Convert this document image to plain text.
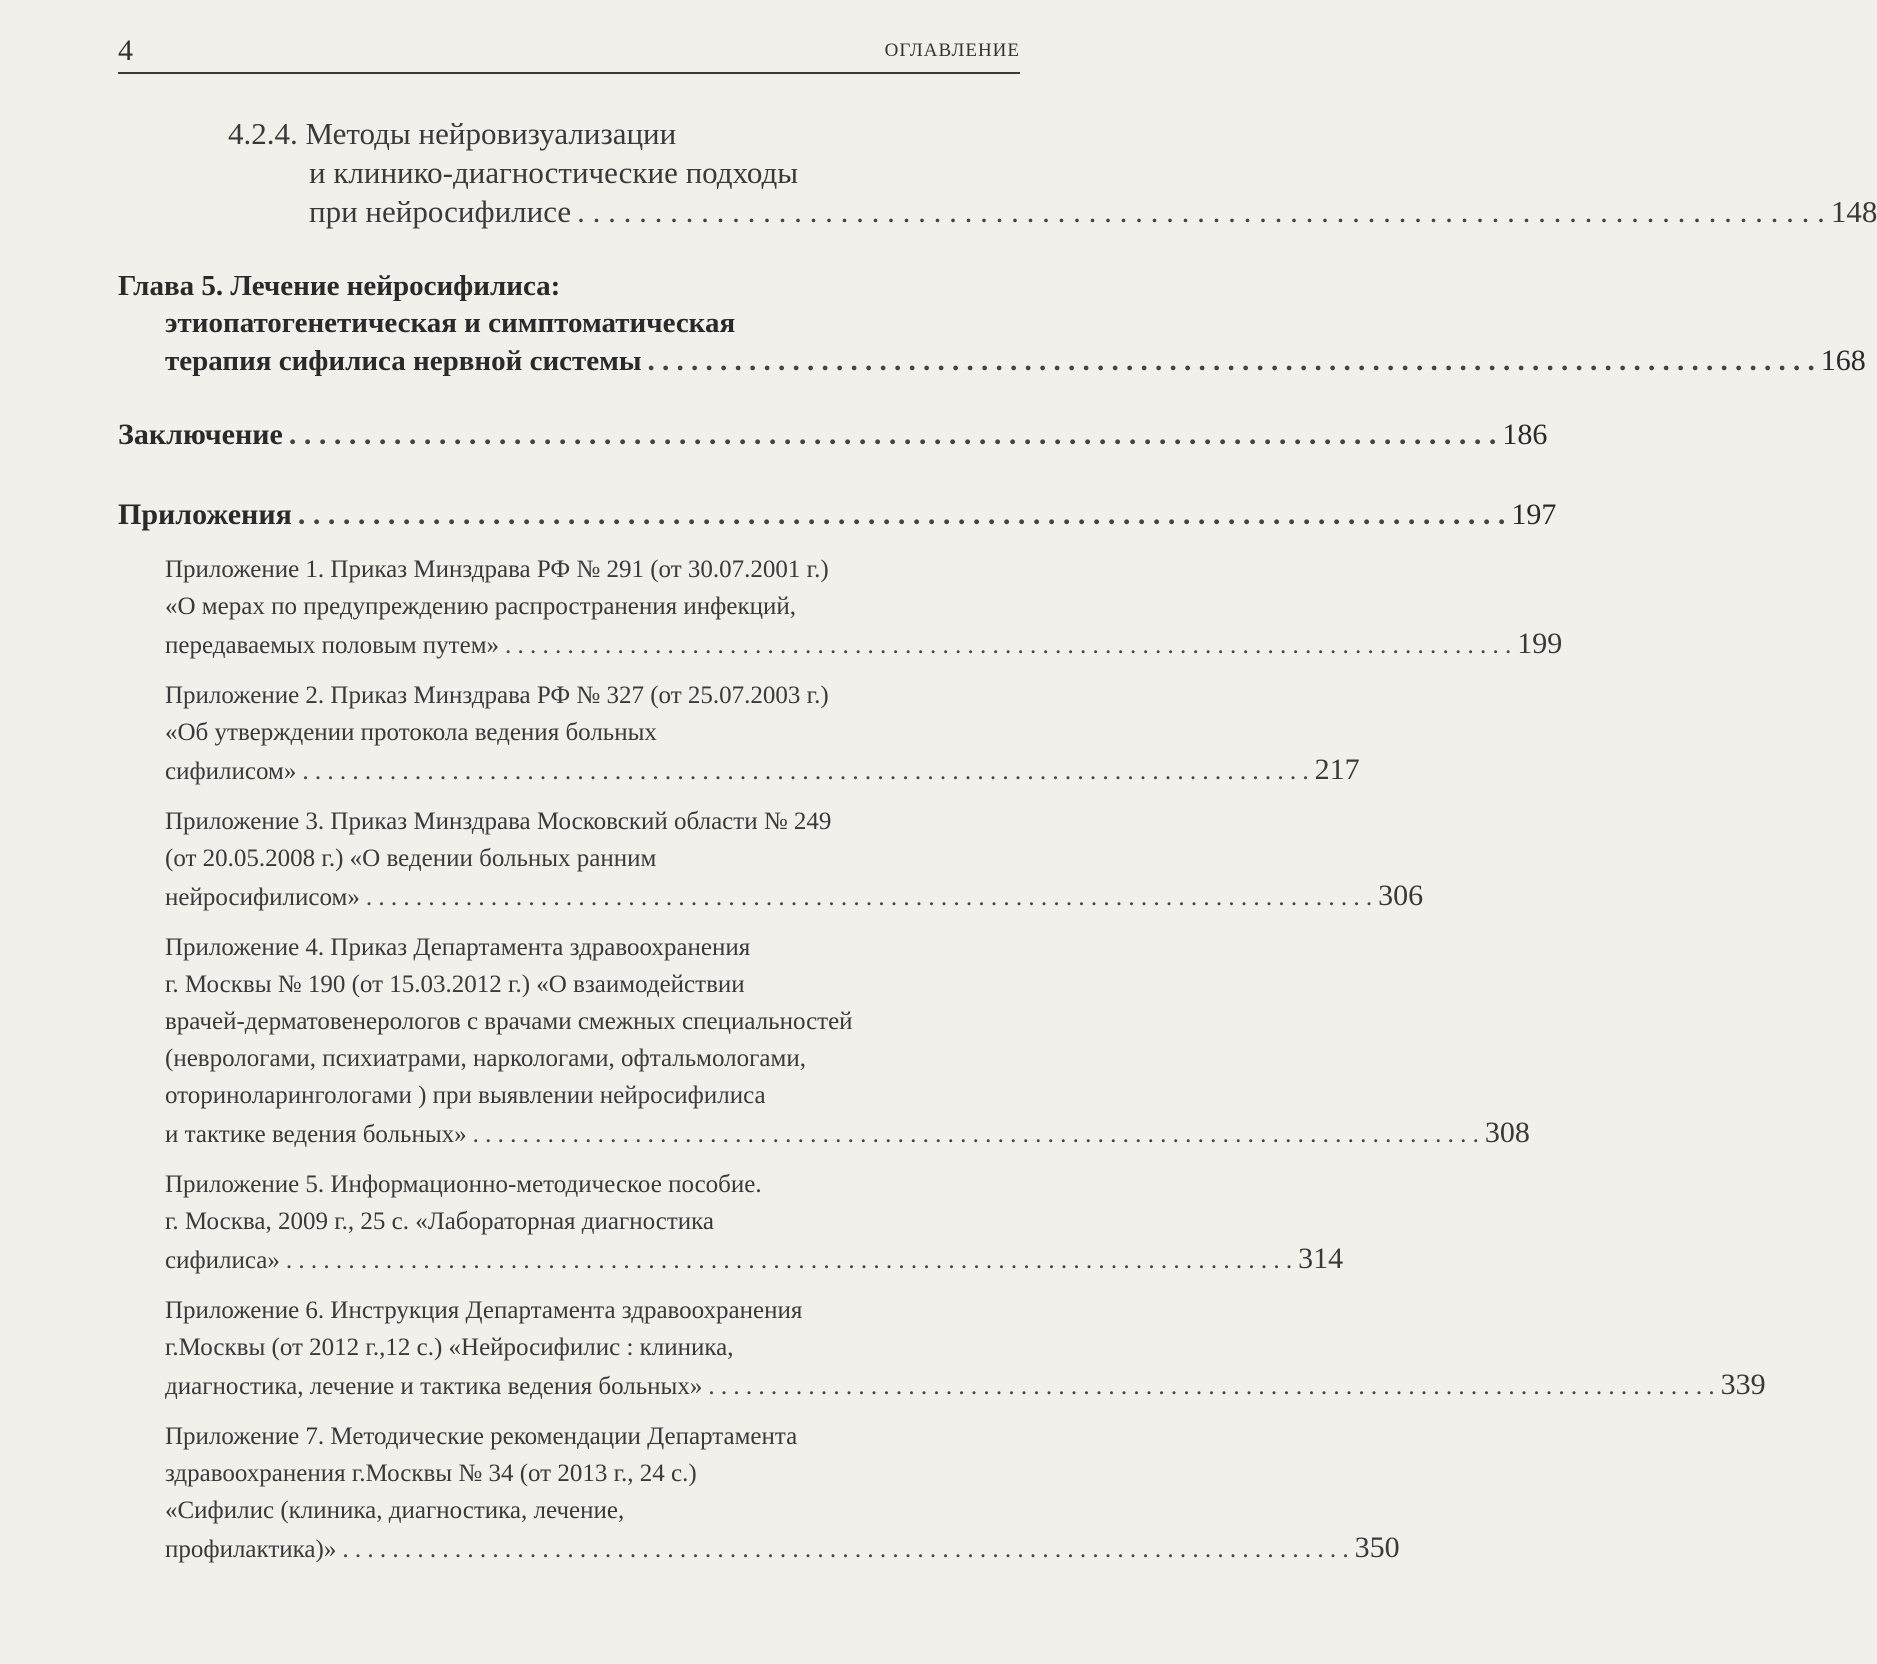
4	ОГЛАВЛЕНИЕ
4.2.4. Методы нейровизуализации
и клинико-диагностические подходы
при нейросифилисе . . . . . . . . . . . . . . . . . . . . . . . . . . . . . . . . . . . . . . . . . . . . . . . . . . . . . . . . . . . . . . . . . . . . . . . . . . . . . . . . . 148
Глава 5. Лечение нейросифилиса:
этиопатогенетическая и симптоматическая
терапия сифилиса нервной системы . . . . . . . . . . . . . . . . . . . . . . . . . . . . . . . . . . . . . . . . . . . . . . . . . . . . . . . . . . . . . . . . . . . . . . . . . . . . . . . . . 168
Заключение . . . . . . . . . . . . . . . . . . . . . . . . . . . . . . . . . . . . . . . . . . . . . . . . . . . . . . . . . . . . . . . . . . . . . . . . . . . . . . . . . 186
Приложения . . . . . . . . . . . . . . . . . . . . . . . . . . . . . . . . . . . . . . . . . . . . . . . . . . . . . . . . . . . . . . . . . . . . . . . . . . . . . . . . . 197
Приложение 1. Приказ Минздрава РФ № 291 (от 30.07.2001 г.)
«О мерах по предупреждению распространения инфекций,
передаваемых половым путем» . . . . . . . . . . . . . . . . . . . . . . . . . . . . . . . . . . . . . . . . . . . . . . . . . . . . . . . . . . . . . . . . . . . . . . . . . . . . . . . . . 199
Приложение 2. Приказ Минздрава РФ № 327 (от 25.07.2003 г.)
«Об утверждении протокола ведения больных
сифилисом» . . . . . . . . . . . . . . . . . . . . . . . . . . . . . . . . . . . . . . . . . . . . . . . . . . . . . . . . . . . . . . . . . . . . . . . . . . . . . . . . . 217
Приложение 3. Приказ Минздрава Московский области № 249
(от 20.05.2008 г.) «О ведении больных ранним
нейросифилисом» . . . . . . . . . . . . . . . . . . . . . . . . . . . . . . . . . . . . . . . . . . . . . . . . . . . . . . . . . . . . . . . . . . . . . . . . . . . . . . . . . 306
Приложение 4. Приказ Департамента здравоохранения
г. Москвы № 190 (от 15.03.2012 г.) «О взаимодействии
врачей-дерматовенерологов с врачами смежных специальностей
(неврологами, психиатрами, наркологами, офтальмологами,
оториноларингологами ) при выявлении нейросифилиса
и тактике ведения больных» . . . . . . . . . . . . . . . . . . . . . . . . . . . . . . . . . . . . . . . . . . . . . . . . . . . . . . . . . . . . . . . . . . . . . . . . . . . . . . . . . 308
Приложение 5. Информационно-методическое пособие.
г. Москва, 2009 г., 25 с. «Лабораторная диагностика
сифилиса» . . . . . . . . . . . . . . . . . . . . . . . . . . . . . . . . . . . . . . . . . . . . . . . . . . . . . . . . . . . . . . . . . . . . . . . . . . . . . . . . . 314
Приложение 6. Инструкция Департамента здравоохранения
г.Москвы (от 2012 г.,12 с.) «Нейросифилис : клиника,
диагностика, лечение и тактика ведения больных» . . . . . . . . . . . . . . . . . . . . . . . . . . . . . . . . . . . . . . . . . . . . . . . . . . . . . . . . . . . . . . . . . . . . . . . . . . . . . . . . . 339
Приложение 7. Методические рекомендации Департамента
здравоохранения г.Москвы № 34 (от 2013 г., 24 с.)
«Сифилис (клиника, диагностика, лечение,
профилактика)» . . . . . . . . . . . . . . . . . . . . . . . . . . . . . . . . . . . . . . . . . . . . . . . . . . . . . . . . . . . . . . . . . . . . . . . . . . . . . . . . . 350
